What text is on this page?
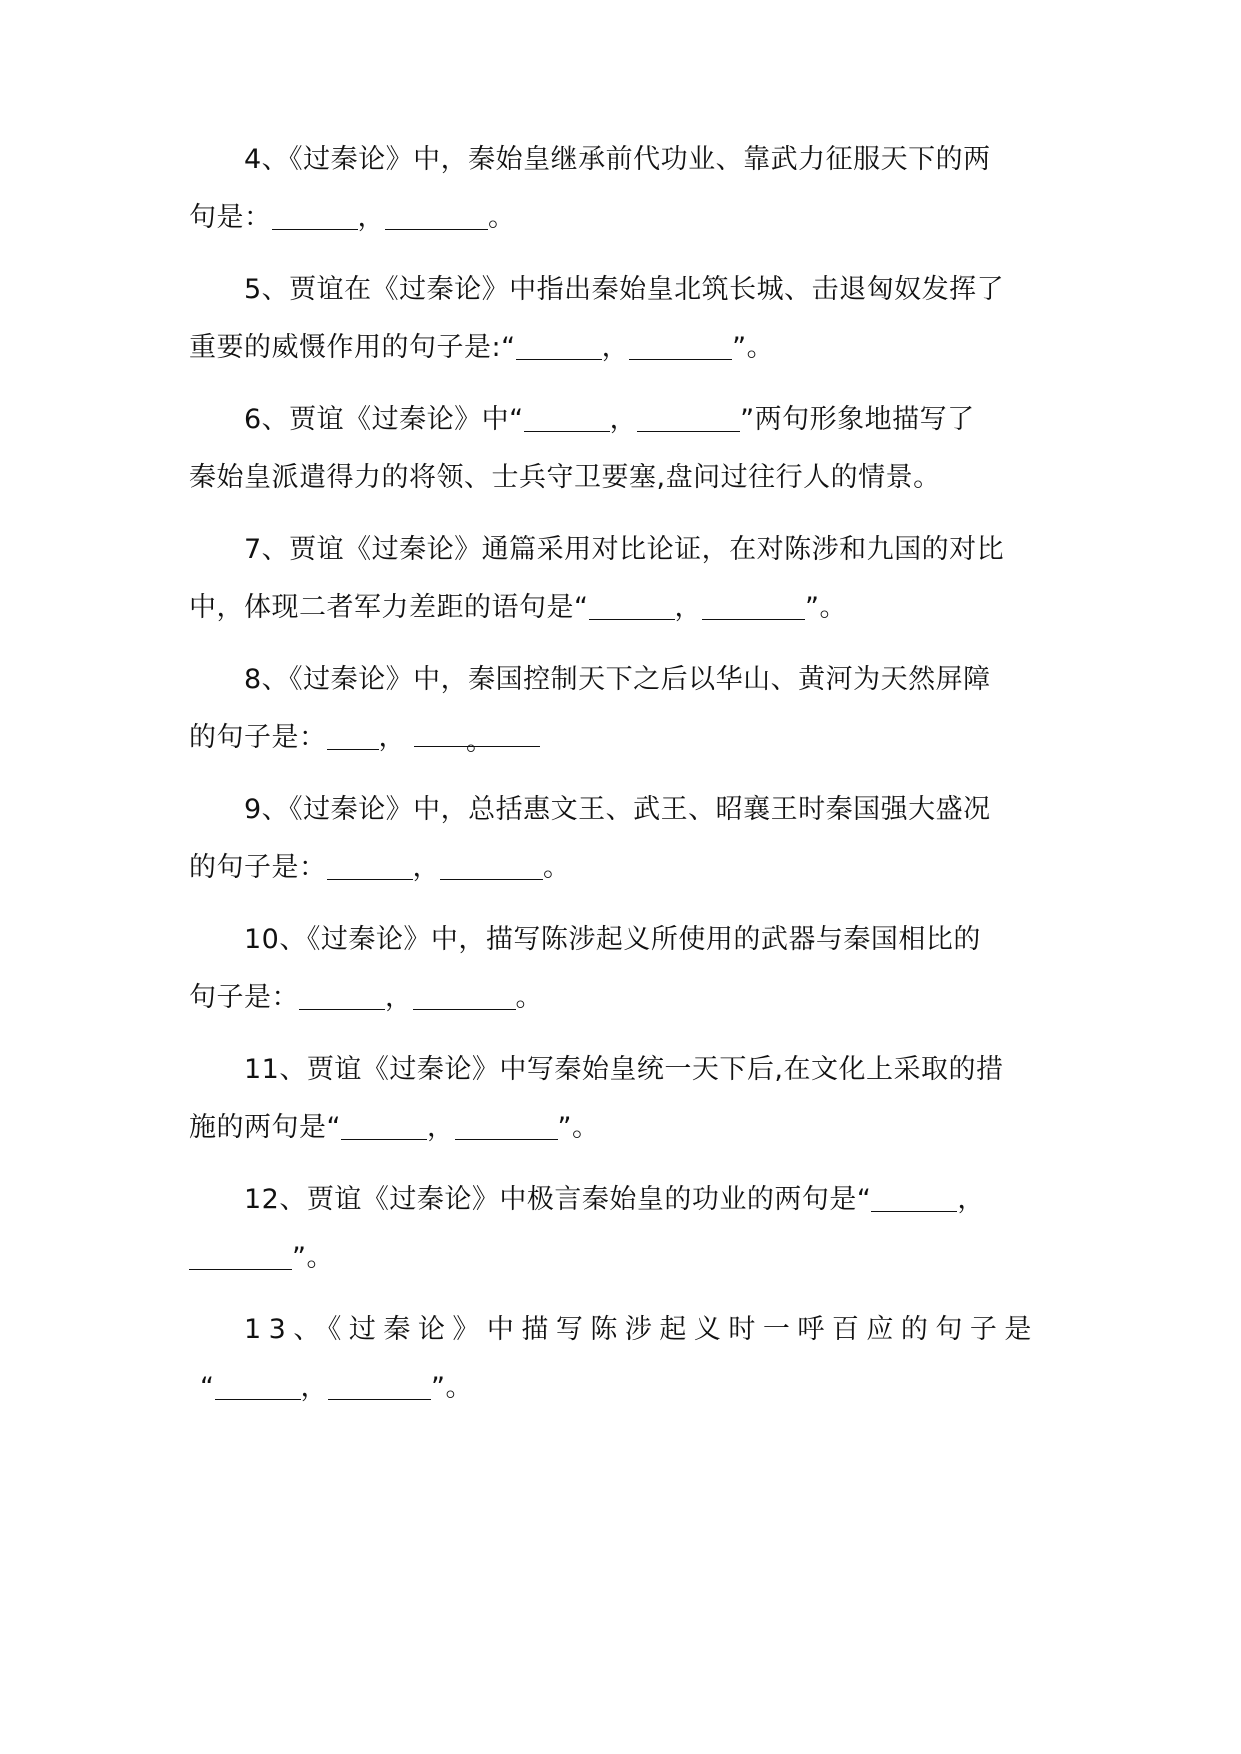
4、《过秦论》中，秦始皇继承前代功业、靠武力征服天下的两
句是：	，	。
5、贾谊在《过秦论》中指出秦始皇北筑长城、击退匈奴发挥了
重要的威慑作用的句子是:“	，	”。
6、贾谊《过秦论》中“	，	”两句形象地描写了
秦始皇派遣得力的将领、士兵守卫要塞,盘问过往行人的情景。
7、贾谊《过秦论》通篇采用对比论证，在对陈涉和九国的对比
中，体现二者军力差距的语句是“	，	”。
8、《过秦论》中，秦国控制天下之后以华山、黄河为天然屏障
的句子是： ， 。
9、《过秦论》中，总括惠文王、武王、昭襄王时秦国强大盛况
的句子是：	，	。
10、《过秦论》中，描写陈涉起义所使用的武器与秦国相比的
句子是：	，	。
11、贾谊《过秦论》中写秦始皇统一天下后,在文化上采取的措
施的两句是“	，	”。
12、贾谊《过秦论》中极言秦始皇的功业的两句是“	，
”。
13、《过秦论》中描写陈涉起义时一呼百应的句子是
“	，	”。
